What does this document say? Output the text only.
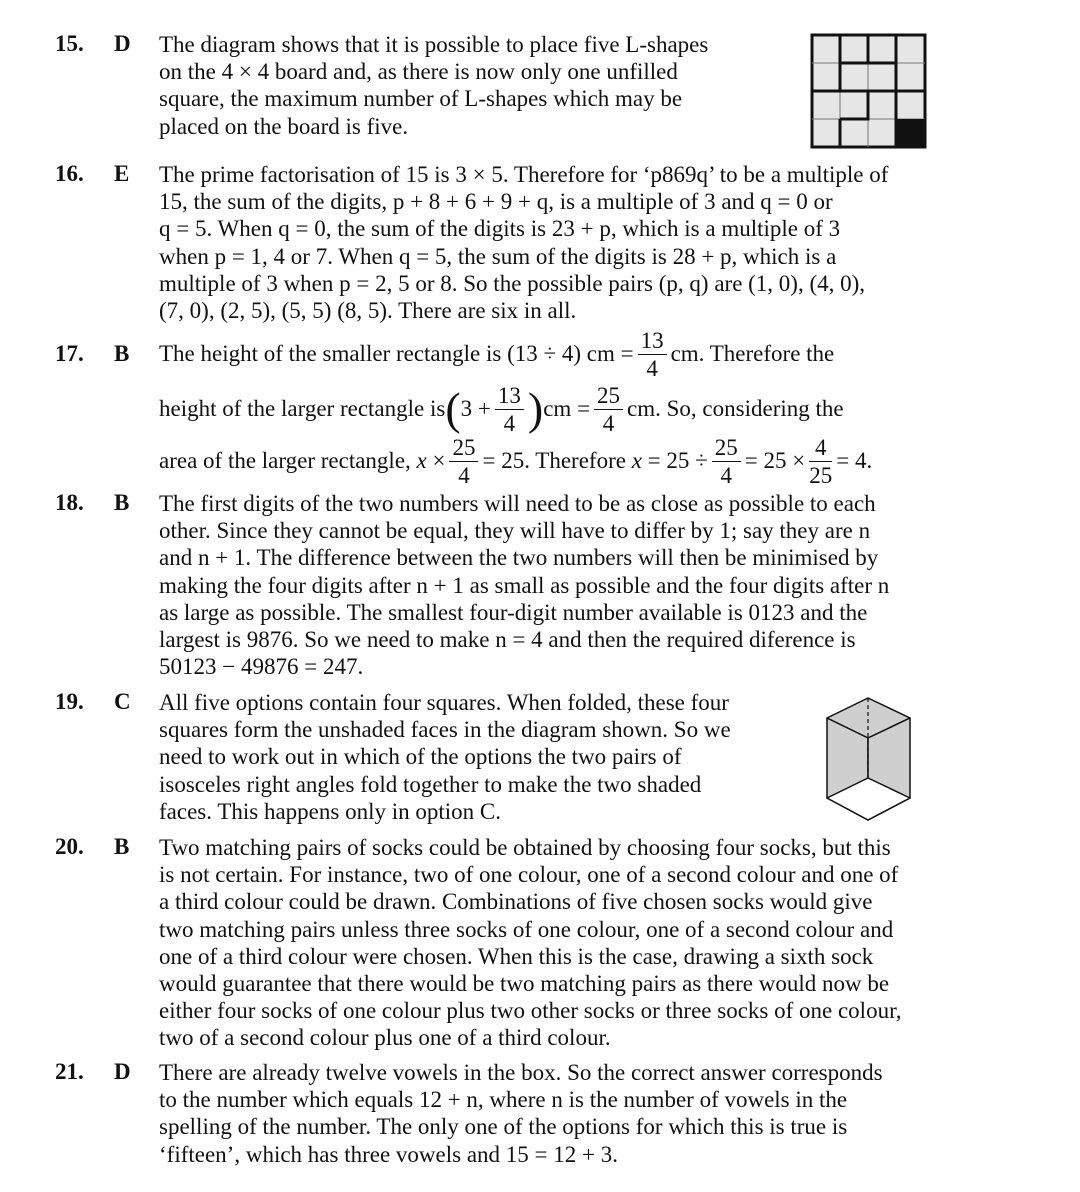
15. D The diagram shows that it is possible to place five L-shapes
on the 4 × 4 board and, as there is now only one unfilled
square, the maximum number of L-shapes which may be
placed on the board is five.
16. E The prime factorisation of 15 is 3 × 5. Therefore for ‘p869q’ to be a multiple of
15, the sum of the digits, p + 8 + 6 + 9 + q, is a multiple of 3 and q = 0 or
q = 5. When q = 0, the sum of the digits is 23 + p, which is a multiple of 3
when p = 1, 4 or 7. When q = 5, the sum of the digits is 28 + p, which is a
multiple of 3 when p = 2, 5 or 8. So the possible pairs (p, q) are (1, 0), (4, 0),
(7, 0), (2, 5), (5, 5) (8, 5). There are six in all.
17. B The height of the smaller rectangle is (13 ÷ 4) cm = $\frac{13}{4}$ cm. Therefore the
height of the larger rectangle is ( $3 + \frac{13}{4}$ ) cm = $\frac{25}{4}$ cm. So, considering the
area of the larger rectangle,
x
× $\frac{25}{4} = 25$. Therefore
x
= $25 \div \frac{25}{4} = 25 \times \frac{4}{25} = 4$.
18. B The first digits of the two numbers will need to be as close as possible to each
other. Since they cannot be equal, they will have to differ by 1; say they are n
and n + 1. The difference between the two numbers will then be minimised by
making the four digits after n + 1 as small as possible and the four digits after n
as large as possible. The smallest four-digit number available is 0123 and the
largest is 9876. So we need to make n = 4 and then the required diference is
50123 − 49876 = 247.
19. C All five options contain four squares. When folded, these four
squares form the unshaded faces in the diagram shown. So we
need to work out in which of the options the two pairs of
isosceles right angles fold together to make the two shaded
faces. This happens only in option C.
20. B Two matching pairs of socks could be obtained by choosing four socks, but this
is not certain. For instance, two of one colour, one of a second colour and one of
a third colour could be drawn. Combinations of five chosen socks would give
two matching pairs unless three socks of one colour, one of a second colour and
one of a third colour were chosen. When this is the case, drawing a sixth sock
would guarantee that there would be two matching pairs as there would now be
either four socks of one colour plus two other socks or three socks of one colour,
two of a second colour plus one of a third colour.
21. D There are already twelve vowels in the box. So the correct answer corresponds
to the number which equals 12 + n, where n is the number of vowels in the
spelling of the number. The only one of the options for which this is true is
‘fifteen’, which has three vowels and 15 = 12 + 3.
